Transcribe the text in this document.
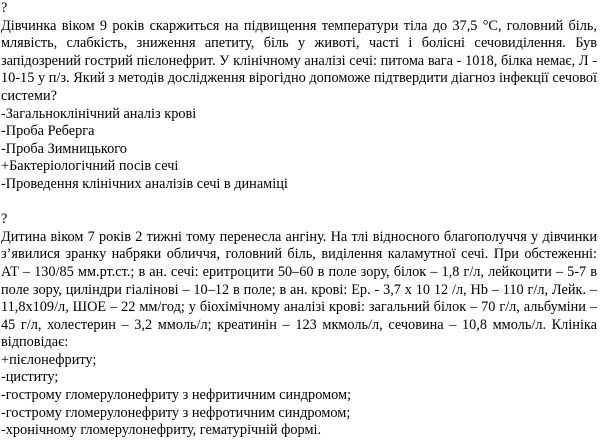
?
Дівчинка віком 9 років скаржиться на підвищення температури тіла до 37,5 °С, головний біль, млявість, слабкість, зниження апетиту, біль у животі, часті і болісні сечовиділення. Був запідозрений гострий пієлонефрит. У клінічному аналізі сечі: питома вага - 1018, білка немає, Л - 10-15 у п/з. Який з методів дослідження вірогідно допоможе підтвердити діагноз інфекції сечової системи?
-Загальноклінічний аналіз крові
-Проба Реберга
-Проба Зимницького
+Бактеріологічний посів сечі
-Проведення клінічних аналізів сечі в динаміці
?
Дитина віком 7 років 2 тижні тому перенесла ангіну. На тлі відносного благополуччя у дівчинки з’явилися зранку набряки обличчя, головний біль, виділення каламутної сечі. При обстеженні: АТ – 130/85 мм.рт.ст.; в ан. сечі: еритроцити 50–60 в поле зору, білок – 1,8 г/л, лейкоцити – 5-7 в поле зору, циліндри гіалінові – 10–12 в поле; в ан. крові: Ер. - 3,7 х 10 12 /л, Hb – 110 г/л, Лейк. – 11,8х109/л, ШОЕ – 22 мм/год; у біохімічному аналізі крові: загальний білок – 70 г/л, альбуміни – 45 г/л, холестерин – 3,2 ммоль/л; креатинін – 123 мкмоль/л, сечовина – 10,8 ммоль/л. Клініка відповідає:
+пієлонефриту;
-циститу;
-гострому гломерулонефриту з нефритичним синдромом;
-гострому гломерулонефриту з нефротичним синдромом;
-хронічному гломерулонефриту, гематурічній формі.
